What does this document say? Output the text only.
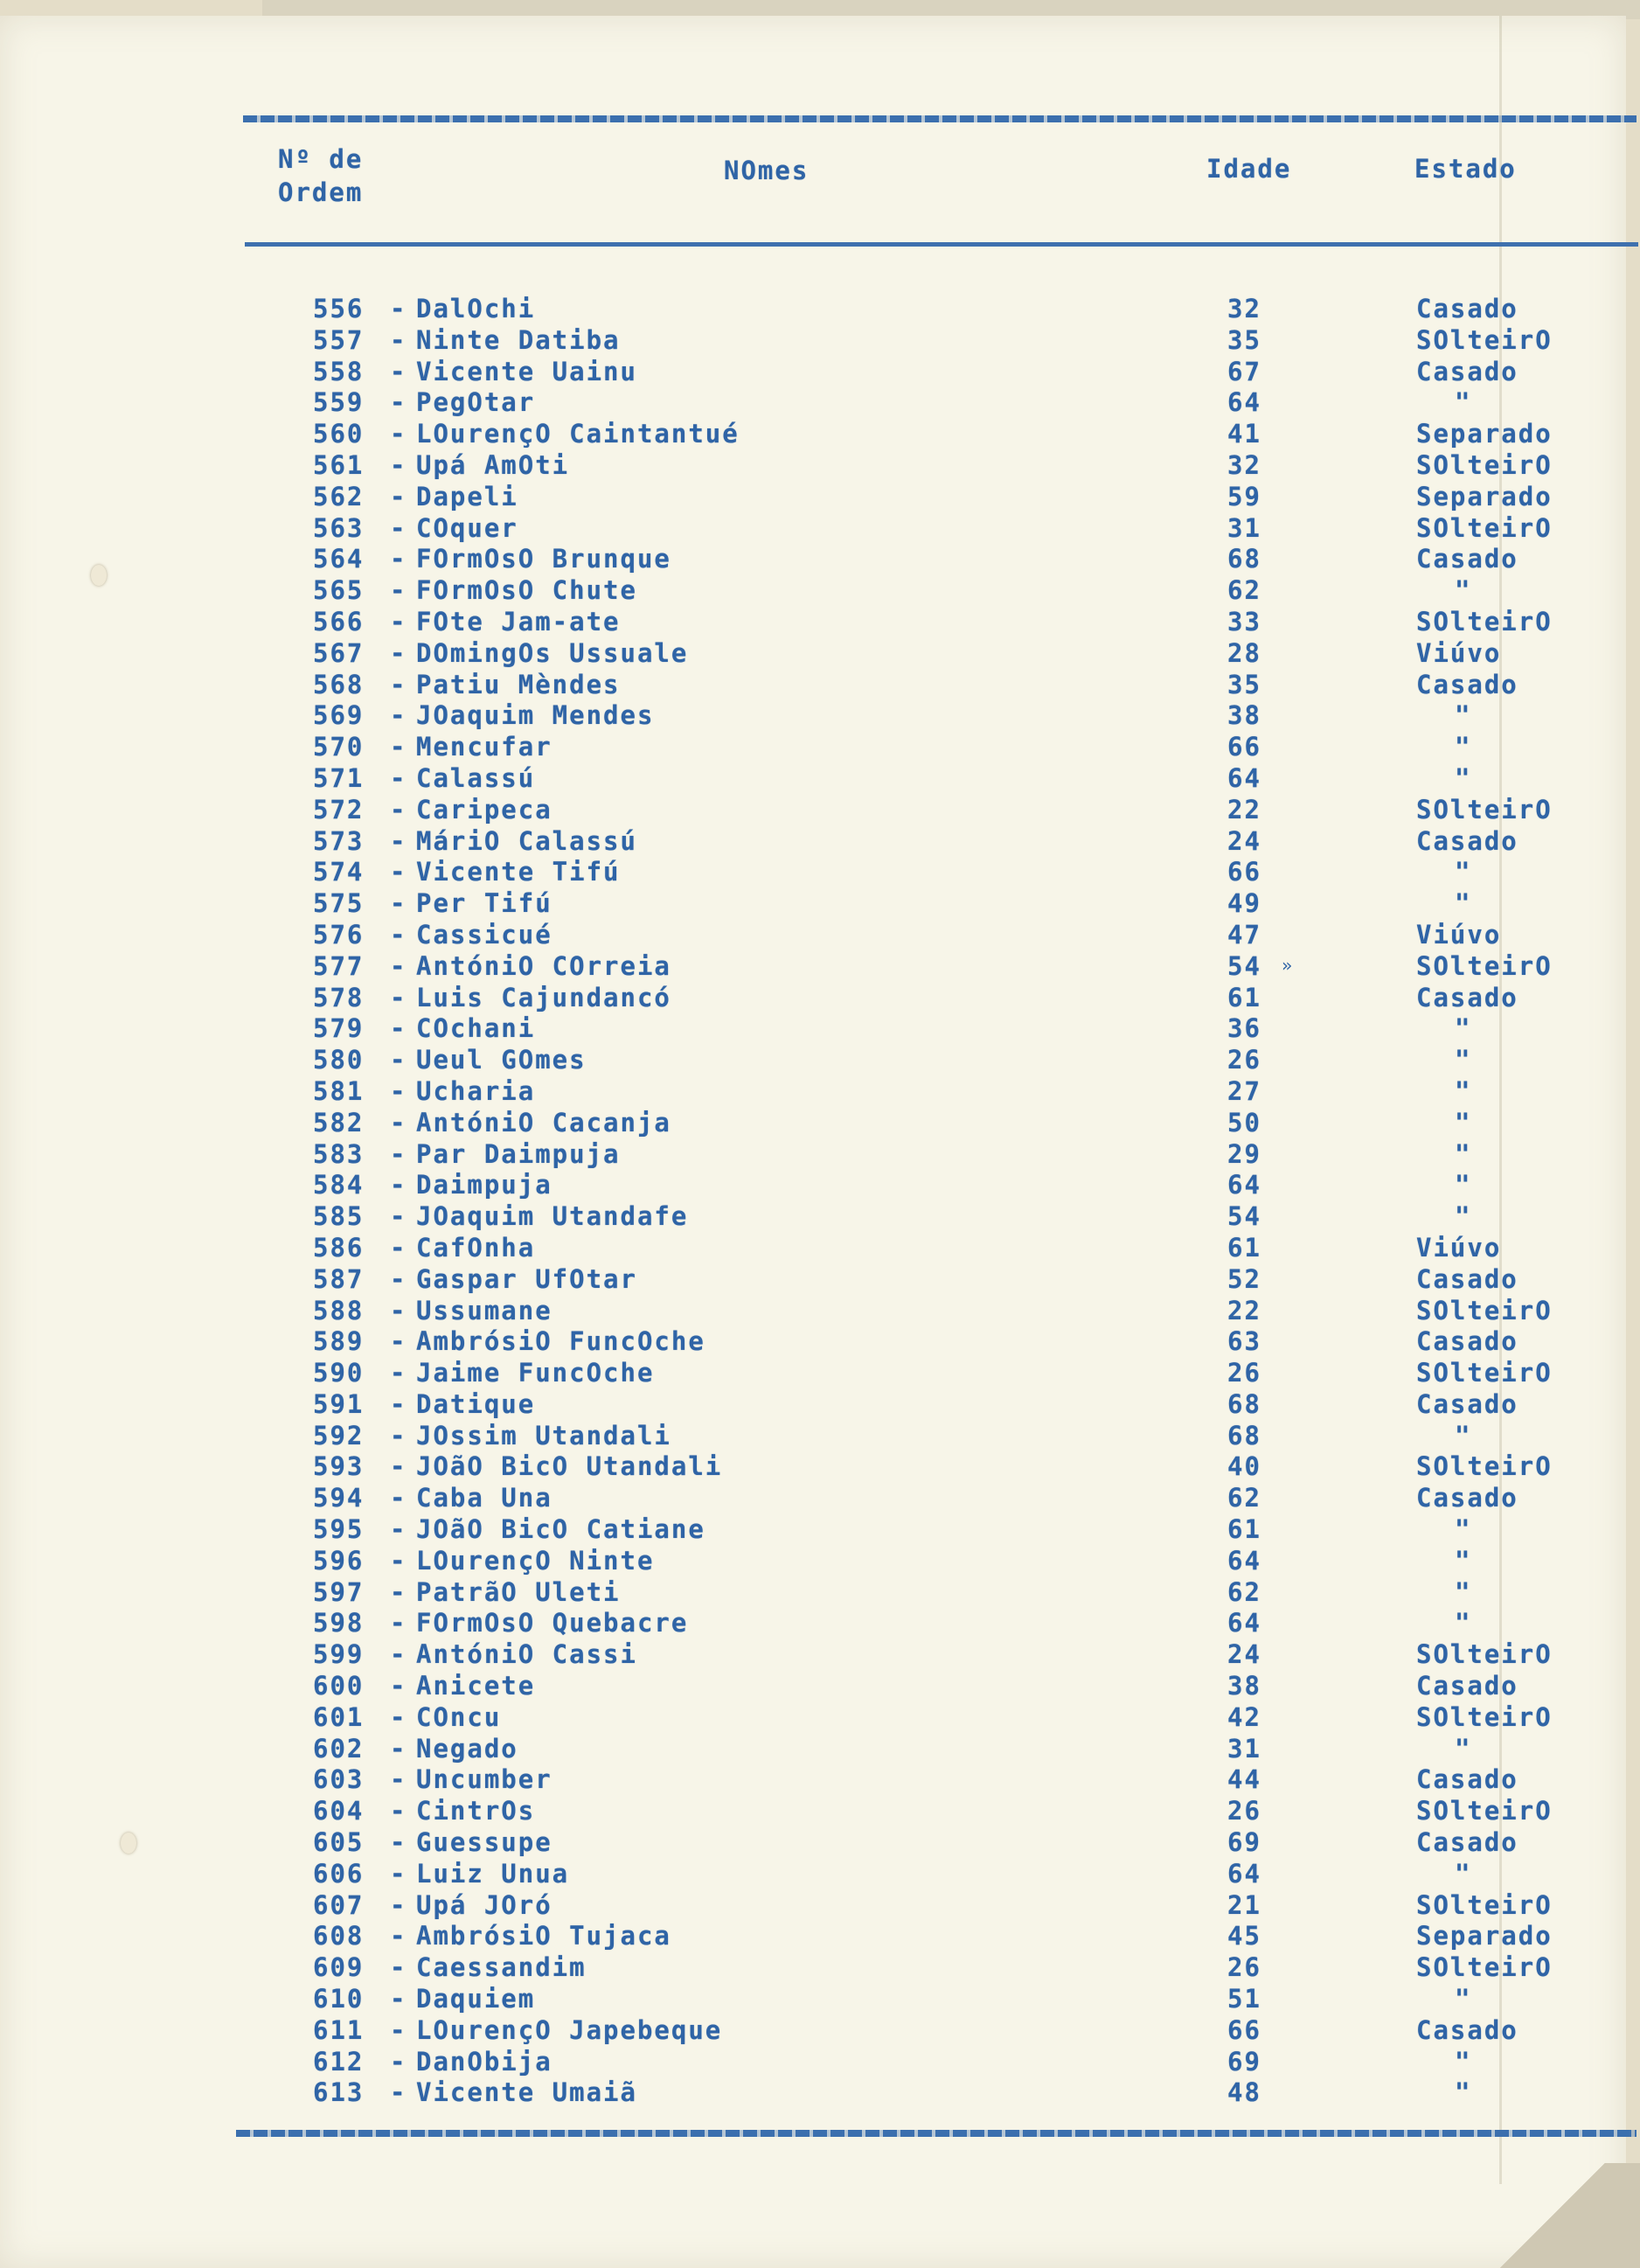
Nº de Ordem
NOmes	Idade	Estado
556 - DalOchi	32	Casado
557 - Ninte Datiba	35	SOlteirO
558 - Vicente Uainu	67	Casado
559 - PegOtar	64	"
560 - LOurençO Caintantué	41	Separado
561 - Upá AmOti	32	SOlteirO
562 - Dapeli	59	Separado
563 - COquer	31	SOlteirO
564 - FOrmOsO Brunque	68	Casado
565 - FOrmOsO Chute	62	"
566 - FOte Jam-ate	33	SOlteirO
567 - DOmingOs Ussuale	28	Viúvo
568 - Patiu Mèndes	35	Casado
569 - JOaquim Mendes	38	"
570 - Mencufar	66	"
571 - Calassú	64	"
572 - Caripeca	22	SOlteirO
573 - MáriO Calassú	24	Casado
574 - Vicente Tifú	66	"
575 - Per Tifú	49	"
576 - Cassicué	47	Viúvo
577 - AntóniO COrreia	54	SOlteirO
578 - Luis Cajundancó	61	Casado
579 - COchani	36	"
580 - Ueul GOmes	26	"
581 - Ucharia	27	"
582 - AntóniO Cacanja	50	"
583 - Par Daimpuja	29	"
584 - Daimpuja	64	"
585 - JOaquim Utandafe	54	"
586 - CafOnha	61	Viúvo
587 - Gaspar UfOtar	52	Casado
588 - Ussumane	22	SOlteirO
589 - AmbrósiO FuncOche	63	Casado
590 - Jaime FuncOche	26	SOlteirO
591 - Datique	68	Casado
592 - JOssim Utandali	68	"
593 - JOãO BicO Utandali	40	SOlteirO
594 - Caba Una	62	Casado
595 - JOãO BicO Catiane	61	"
596 - LOurençO Ninte	64	"
597 - PatrãO Uleti	62	"
598 - FOrmOsO Quebacre	64	"
599 - AntóniO Cassi	24	SOlteirO
600 - Anicete	38	Casado
601 - COncu	42	SOlteirO
602 - Negado	31	"
603 - Uncumber	44	Casado
604 - CintrOs	26	SOlteirO
605 - Guessupe	69	Casado
606 - Luiz Unua	64	"
607 - Upá JOró	21	SOlteirO
608 - AmbrósiO Tujaca	45	Separado
609 - Caessandim	26	SOlteirO
610 - Daquiem	51	"
611 - LOurençO Japebeque	66	Casado
612 - DanObija	69	"
613 - Vicente Umaiã	48	"
»
